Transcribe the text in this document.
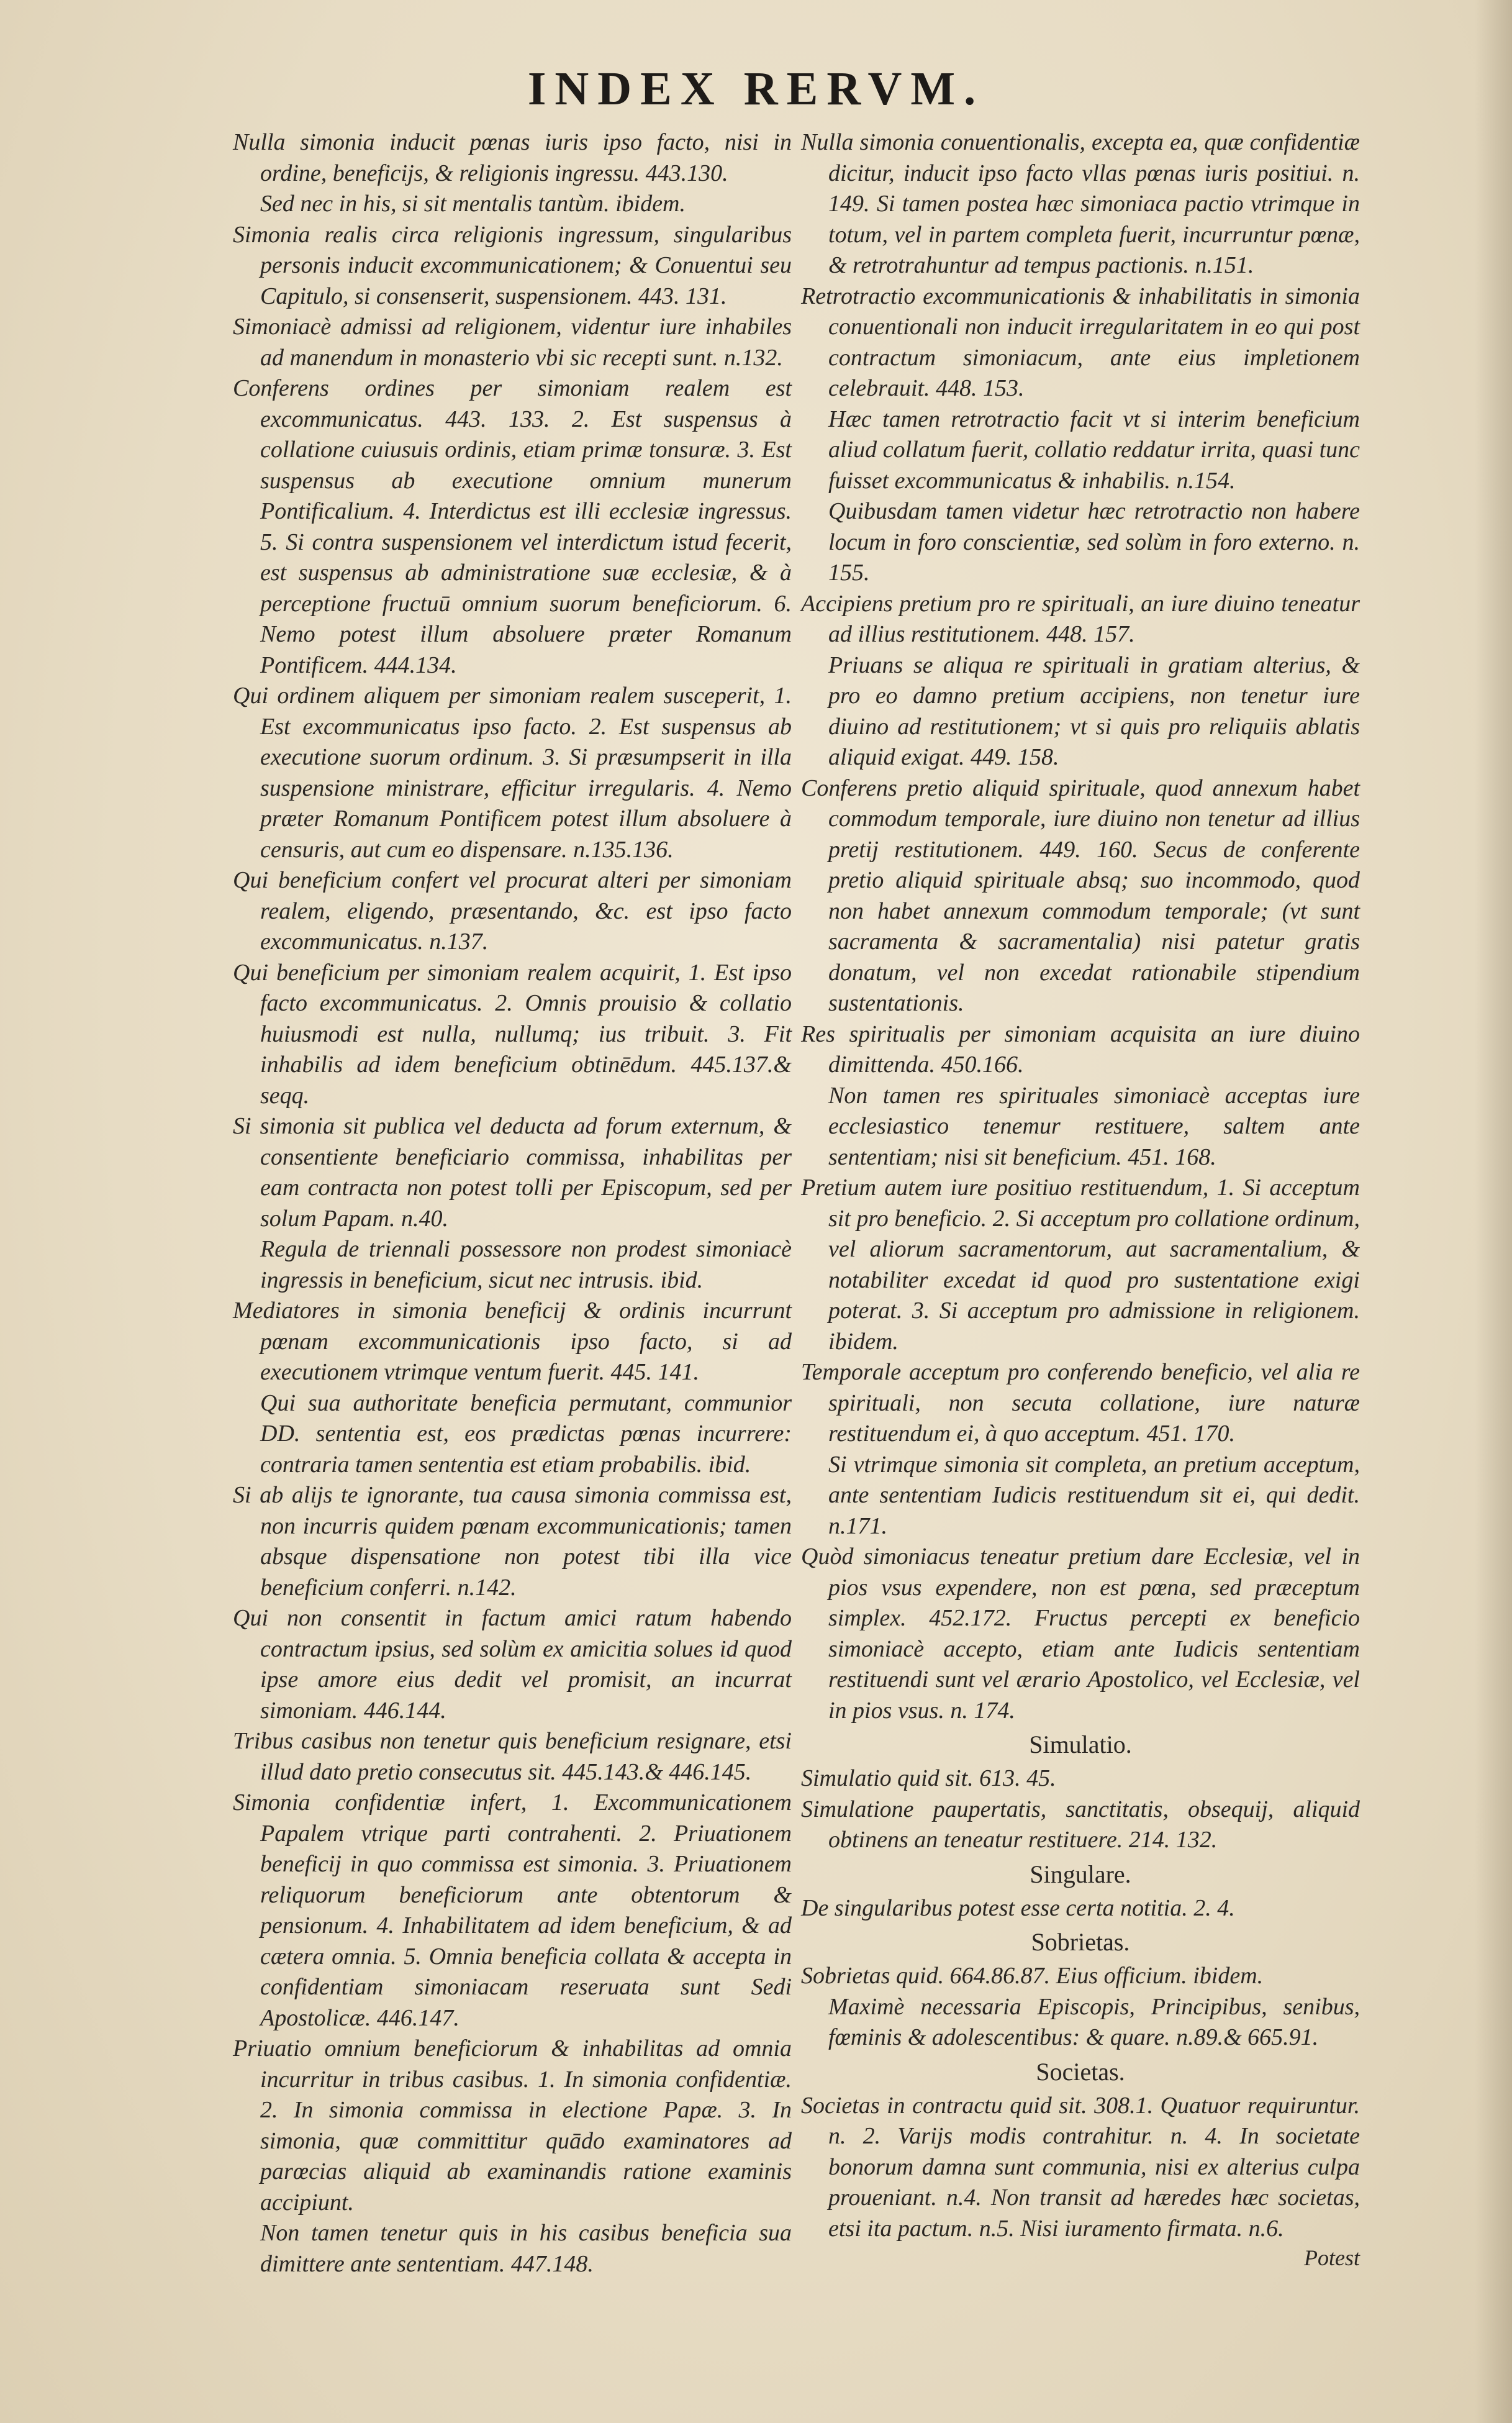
INDEX RERVM.
Nulla simonia inducit pœnas iuris ipso facto, nisi in ordine, beneficijs, & religionis ingressu. 443.130.
Sed nec in his, si sit mentalis tantùm. ibidem.
Simonia realis circa religionis ingressum, singularibus personis inducit excommunicationem; & Conuentui seu Capitulo, si consenserit, suspensionem. 443. 131.
Simoniacè admissi ad religionem, videntur iure inhabiles ad manendum in monasterio vbi sic recepti sunt. n.132.
Conferens ordines per simoniam realem est excommunicatus. 443. 133. 2. Est suspensus à collatione cuiusuis ordinis, etiam primæ tonsuræ. 3. Est suspensus ab executione omnium munerum Pontificalium. 4. Interdictus est illi ecclesiæ ingressus. 5. Si contra suspensionem vel interdictum istud fecerit, est suspensus ab administratione suæ ecclesiæ, & à perceptione fructuū omnium suorum beneficiorum. 6. Nemo potest illum absoluere præter Romanum Pontificem. 444.134.
Qui ordinem aliquem per simoniam realem susceperit, 1. Est excommunicatus ipso facto. 2. Est suspensus ab executione suorum ordinum. 3. Si præsumpserit in illa suspensione ministrare, efficitur irregularis. 4. Nemo præter Romanum Pontificem potest illum absoluere à censuris, aut cum eo dispensare. n.135.136.
Qui beneficium confert vel procurat alteri per simoniam realem, eligendo, præsentando, &c. est ipso facto excommunicatus. n.137.
Qui beneficium per simoniam realem acquirit, 1. Est ipso facto excommunicatus. 2. Omnis prouisio & collatio huiusmodi est nulla, nullumq; ius tribuit. 3. Fit inhabilis ad idem beneficium obtinēdum. 445.137.& seqq.
Si simonia sit publica vel deducta ad forum externum, & consentiente beneficiario commissa, inhabilitas per eam contracta non potest tolli per Episcopum, sed per solum Papam. n.40.
Regula de triennali possessore non prodest simoniacè ingressis in beneficium, sicut nec intrusis. ibid.
Mediatores in simonia beneficij & ordinis incurrunt pœnam excommunicationis ipso facto, si ad executionem vtrimque ventum fuerit. 445. 141.
Qui sua authoritate beneficia permutant, communior DD. sententia est, eos prædictas pœnas incurrere: contraria tamen sententia est etiam probabilis. ibid.
Si ab alijs te ignorante, tua causa simonia commissa est, non incurris quidem pœnam excommunicationis; tamen absque dispensatione non potest tibi illa vice beneficium conferri. n.142.
Qui non consentit in factum amici ratum habendo contractum ipsius, sed solùm ex amicitia solues id quod ipse amore eius dedit vel promisit, an incurrat simoniam. 446.144.
Tribus casibus non tenetur quis beneficium resignare, etsi illud dato pretio consecutus sit. 445.143.& 446.145.
Simonia confidentiæ infert, 1. Excommunicationem Papalem vtrique parti contrahenti. 2. Priuationem beneficij in quo commissa est simonia. 3. Priuationem reliquorum beneficiorum ante obtentorum & pensionum. 4. Inhabilitatem ad idem beneficium, & ad cætera omnia. 5. Omnia beneficia collata & accepta in confidentiam simoniacam reseruata sunt Sedi Apostolicæ. 446.147.
Priuatio omnium beneficiorum & inhabilitas ad omnia incurritur in tribus casibus. 1. In simonia confidentiæ. 2. In simonia commissa in electione Papæ. 3. In simonia, quæ committitur quādo examinatores ad parœcias aliquid ab examinandis ratione examinis accipiunt.
Non tamen tenetur quis in his casibus beneficia sua dimittere ante sententiam. 447.148.
Nulla simonia conuentionalis, excepta ea, quæ confidentiæ dicitur, inducit ipso facto vllas pœnas iuris positiui. n. 149. Si tamen postea hæc simoniaca pactio vtrimque in totum, vel in partem completa fuerit, incurruntur pœnæ, & retrotrahuntur ad tempus pactionis. n.151.
Retrotractio excommunicationis & inhabilitatis in simonia conuentionali non inducit irregularitatem in eo qui post contractum simoniacum, ante eius impletionem celebrauit. 448. 153.
Hæc tamen retrotractio facit vt si interim beneficium aliud collatum fuerit, collatio reddatur irrita, quasi tunc fuisset excommunicatus & inhabilis. n.154.
Quibusdam tamen videtur hæc retrotractio non habere locum in foro conscientiæ, sed solùm in foro externo. n. 155.
Accipiens pretium pro re spirituali, an iure diuino teneatur ad illius restitutionem. 448. 157.
Priuans se aliqua re spirituali in gratiam alterius, & pro eo damno pretium accipiens, non tenetur iure diuino ad restitutionem; vt si quis pro reliquiis ablatis aliquid exigat. 449. 158.
Conferens pretio aliquid spirituale, quod annexum habet commodum temporale, iure diuino non tenetur ad illius pretij restitutionem. 449. 160. Secus de conferente pretio aliquid spirituale absq; suo incommodo, quod non habet annexum commodum temporale; (vt sunt sacramenta & sacramentalia) nisi patetur gratis donatum, vel non excedat rationabile stipendium sustentationis.
Res spiritualis per simoniam acquisita an iure diuino dimittenda. 450.166.
Non tamen res spirituales simoniacè acceptas iure ecclesiastico tenemur restituere, saltem ante sententiam; nisi sit beneficium. 451. 168.
Pretium autem iure positiuo restituendum, 1. Si acceptum sit pro beneficio. 2. Si acceptum pro collatione ordinum, vel aliorum sacramentorum, aut sacramentalium, & notabiliter excedat id quod pro sustentatione exigi poterat. 3. Si acceptum pro admissione in religionem. ibidem.
Temporale acceptum pro conferendo beneficio, vel alia re spirituali, non secuta collatione, iure naturæ restituendum ei, à quo acceptum. 451. 170.
Si vtrimque simonia sit completa, an pretium acceptum, ante sententiam Iudicis restituendum sit ei, qui dedit. n.171.
Quòd simoniacus teneatur pretium dare Ecclesiæ, vel in pios vsus expendere, non est pœna, sed præceptum simplex. 452.172. Fructus percepti ex beneficio simoniacè accepto, etiam ante Iudicis sententiam restituendi sunt vel ærario Apostolico, vel Ecclesiæ, vel in pios vsus. n. 174.
Simulatio.
Simulatio quid sit. 613. 45.
Simulatione paupertatis, sanctitatis, obsequij, aliquid obtinens an teneatur restituere. 214. 132.
Singulare.
De singularibus potest esse certa notitia. 2. 4.
Sobrietas.
Sobrietas quid. 664.86.87. Eius officium. ibidem.
Maximè necessaria Episcopis, Principibus, senibus, fœminis & adolescentibus: & quare. n.89.& 665.91.
Societas.
Societas in contractu quid sit. 308.1. Quatuor requiruntur. n. 2. Varijs modis contrahitur. n. 4. In societate bonorum damna sunt communia, nisi ex alterius culpa proueniant. n.4. Non transit ad hæredes hæc societas, etsi ita pactum. n.5. Nisi iuramento firmata. n.6.
Potest
